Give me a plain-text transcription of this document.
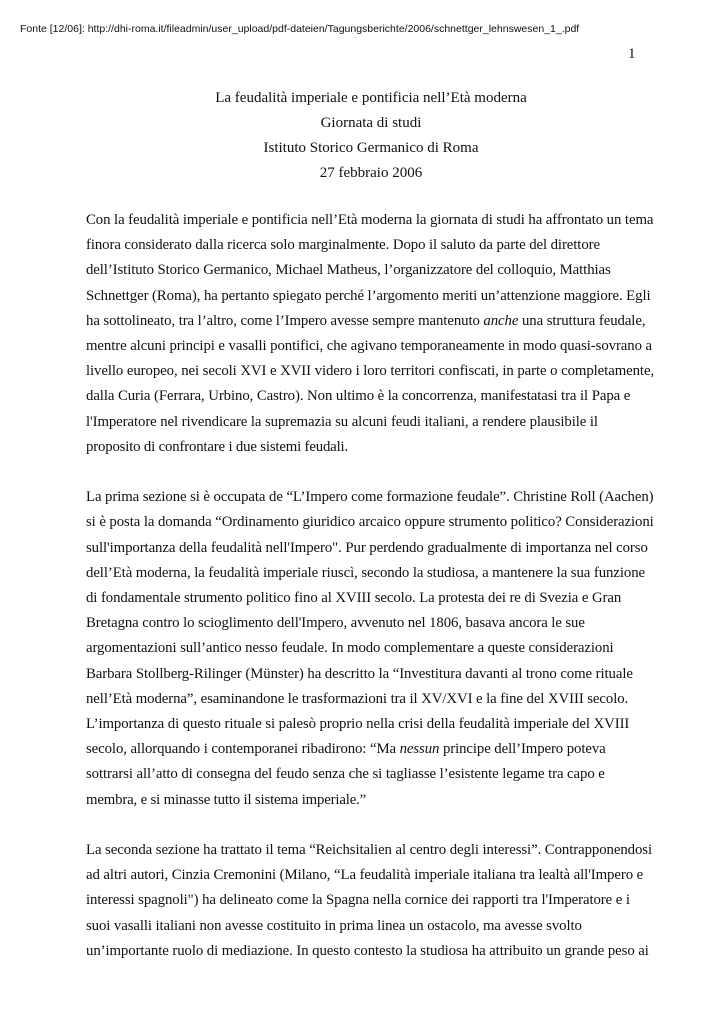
Fonte [12/06]: http://dhi-roma.it/fileadmin/user_upload/pdf-dateien/Tagungsberichte/2006/schnettger_lehnswesen_1_.pdf
1
La feudalità imperiale e pontificia nell’Età moderna
Giornata di studi
Istituto Storico Germanico di Roma
27 febbraio 2006
Con la feudalità imperiale e pontificia nell’Età moderna la giornata di studi ha affrontato un tema
finora considerato dalla ricerca solo marginalmente. Dopo il saluto da parte del direttore
dell’Istituto Storico Germanico, Michael Matheus, l’organizzatore del colloquio, Matthias
Schnettger (Roma), ha pertanto spiegato perché l’argomento meriti un’attenzione maggiore. Egli
ha sottolineato, tra l’altro, come l’Impero avesse sempre mantenuto anche una struttura feudale,
mentre alcuni principi e vasalli pontifici, che agivano temporaneamente in modo quasi-sovrano a
livello europeo, nei secoli XVI e XVII videro i loro territori confiscati, in parte o completamente,
dalla Curia (Ferrara, Urbino, Castro). Non ultimo è la concorrenza, manifestatasi tra il Papa e
l'Imperatore nel rivendicare la supremazia su alcuni feudi italiani, a rendere plausibile il
proposito di confrontare i due sistemi feudali.
La prima sezione si è occupata de “L’Impero come formazione feudale”. Christine Roll (Aachen)
si è posta la domanda “Ordinamento giuridico arcaico oppure strumento politico? Considerazioni
sull'importanza della feudalità nell'Impero". Pur perdendo gradualmente di importanza nel corso
dell’Età moderna, la feudalità imperiale riuscì, secondo la studiosa, a mantenere la sua funzione
di fondamentale strumento politico fino al XVIII secolo. La protesta dei re di Svezia e Gran
Bretagna contro lo scioglimento dell'Impero, avvenuto nel 1806, basava ancora le sue
argomentazioni sull’antico nesso feudale. In modo complementare a queste considerazioni
Barbara Stollberg-Rilinger (Münster) ha descritto la “Investitura davanti al trono come rituale
nell’Età moderna”, esaminandone le trasformazioni tra il XV/XVI e la fine del XVIII secolo.
L’importanza di questo rituale si palesò proprio nella crisi della feudalità imperiale del XVIII
secolo, allorquando i contemporanei ribadirono: “Ma nessun principe dell’Impero poteva
sottrarsi all’atto di consegna del feudo senza che si tagliasse l’esistente legame tra capo e
membra, e si minasse tutto il sistema imperiale.”
La seconda sezione ha trattato il tema “Reichsitalien al centro degli interessi”. Contrapponendosi
ad altri autori, Cinzia Cremonini (Milano, “La feudalità imperiale italiana tra lealtà all'Impero e
interessi spagnoli") ha delineato come la Spagna nella cornice dei rapporti tra l'Imperatore e i
suoi vasalli italiani non avesse costituito in prima linea un ostacolo, ma avesse svolto
un’importante ruolo di mediazione. In questo contesto la studiosa ha attribuito un grande peso ai
